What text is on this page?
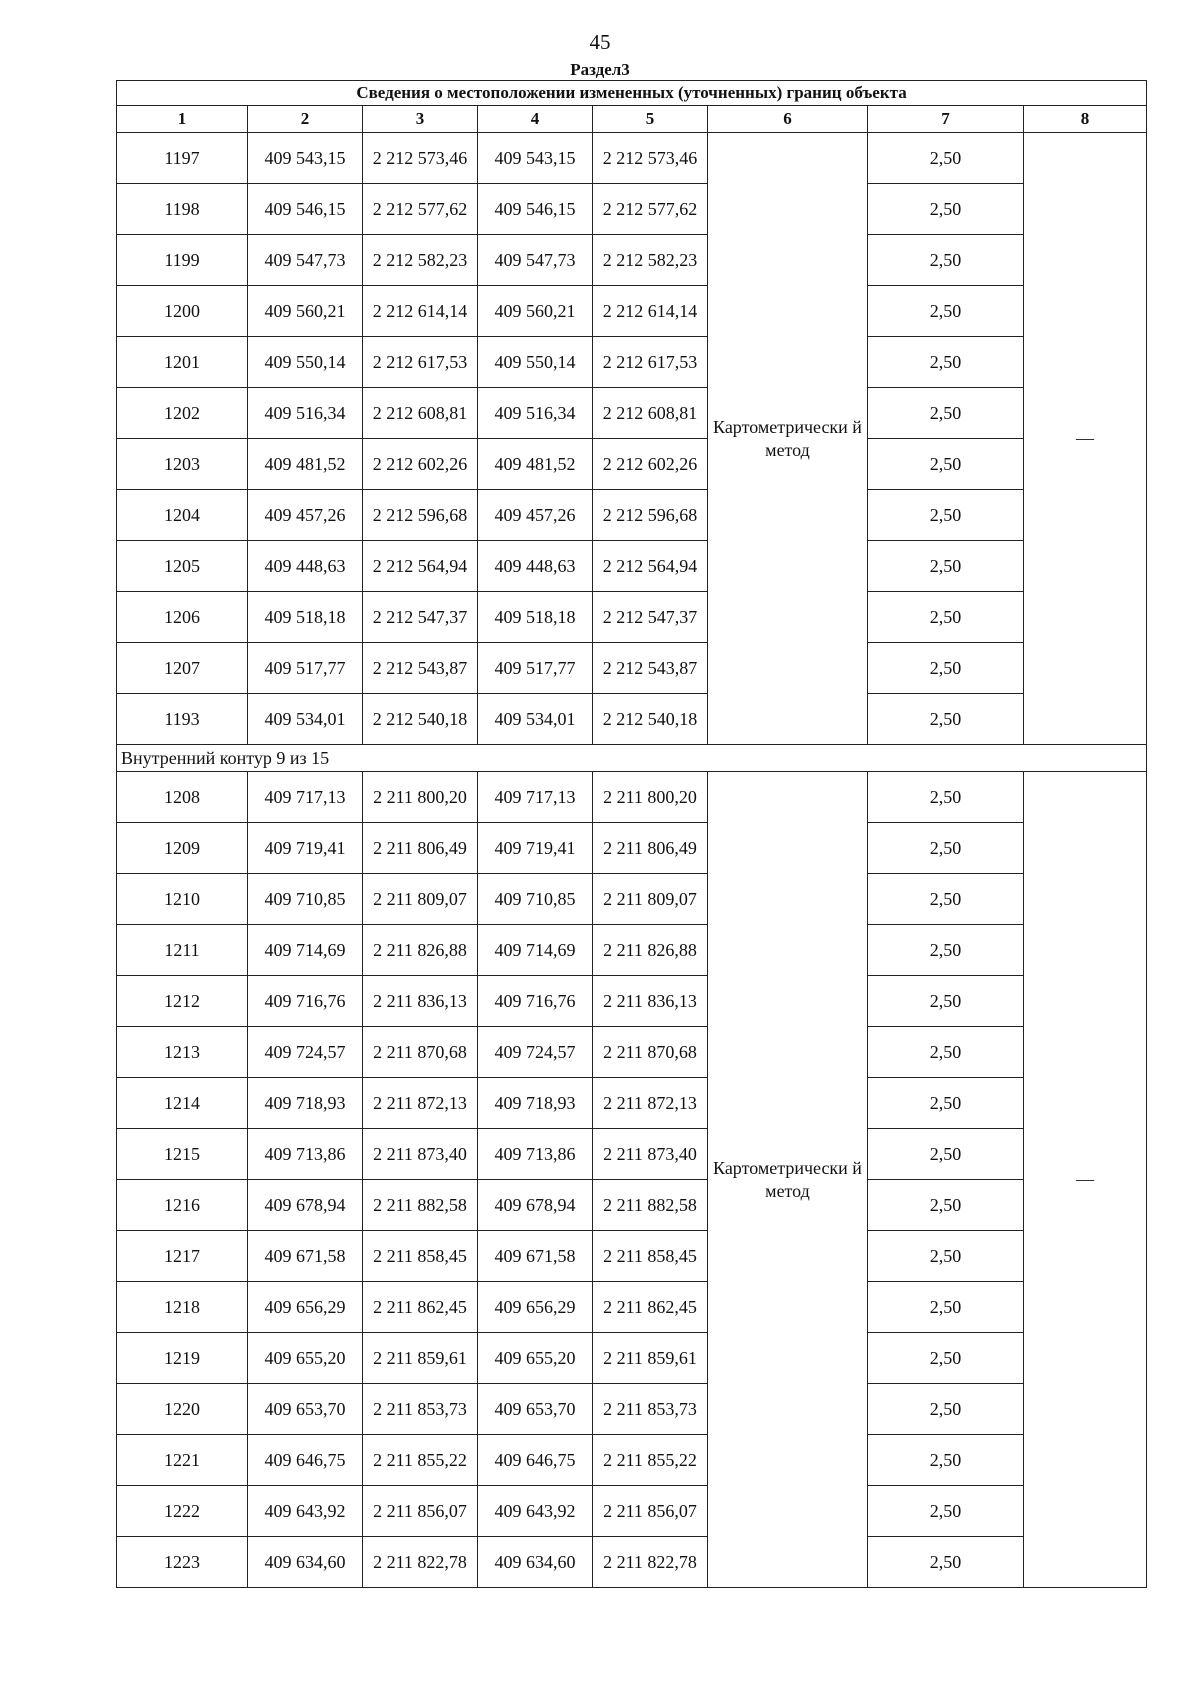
45
Раздел3
Сведения о местоположении измененных (уточненных) границ объекта							
1	2	3	4	5	6	7	8
1197	409 543,15	2 212 573,46	409 543,15	2 212 573,46	Картометрически й метод	2,50	—
1198	409 546,15	2 212 577,62	409 546,15	2 212 577,62		2,50	
1199	409 547,73	2 212 582,23	409 547,73	2 212 582,23		2,50	
1200	409 560,21	2 212 614,14	409 560,21	2 212 614,14		2,50	
1201	409 550,14	2 212 617,53	409 550,14	2 212 617,53		2,50	
1202	409 516,34	2 212 608,81	409 516,34	2 212 608,81		2,50	
1203	409 481,52	2 212 602,26	409 481,52	2 212 602,26		2,50	
1204	409 457,26	2 212 596,68	409 457,26	2 212 596,68		2,50	
1205	409 448,63	2 212 564,94	409 448,63	2 212 564,94		2,50	
1206	409 518,18	2 212 547,37	409 518,18	2 212 547,37		2,50	
1207	409 517,77	2 212 543,87	409 517,77	2 212 543,87		2,50	
1193	409 534,01	2 212 540,18	409 534,01	2 212 540,18		2,50	
Внутренний контур 9 из 15							
1208	409 717,13	2 211 800,20	409 717,13	2 211 800,20	Картометрически й метод	2,50	—
1209	409 719,41	2 211 806,49	409 719,41	2 211 806,49		2,50	
1210	409 710,85	2 211 809,07	409 710,85	2 211 809,07		2,50	
1211	409 714,69	2 211 826,88	409 714,69	2 211 826,88		2,50	
1212	409 716,76	2 211 836,13	409 716,76	2 211 836,13		2,50	
1213	409 724,57	2 211 870,68	409 724,57	2 211 870,68		2,50	
1214	409 718,93	2 211 872,13	409 718,93	2 211 872,13		2,50	
1215	409 713,86	2 211 873,40	409 713,86	2 211 873,40		2,50	
1216	409 678,94	2 211 882,58	409 678,94	2 211 882,58		2,50	
1217	409 671,58	2 211 858,45	409 671,58	2 211 858,45		2,50	
1218	409 656,29	2 211 862,45	409 656,29	2 211 862,45		2,50	
1219	409 655,20	2 211 859,61	409 655,20	2 211 859,61		2,50	
1220	409 653,70	2 211 853,73	409 653,70	2 211 853,73		2,50	
1221	409 646,75	2 211 855,22	409 646,75	2 211 855,22		2,50	
1222	409 643,92	2 211 856,07	409 643,92	2 211 856,07		2,50	
1223	409 634,60	2 211 822,78	409 634,60	2 211 822,78		2,50	
